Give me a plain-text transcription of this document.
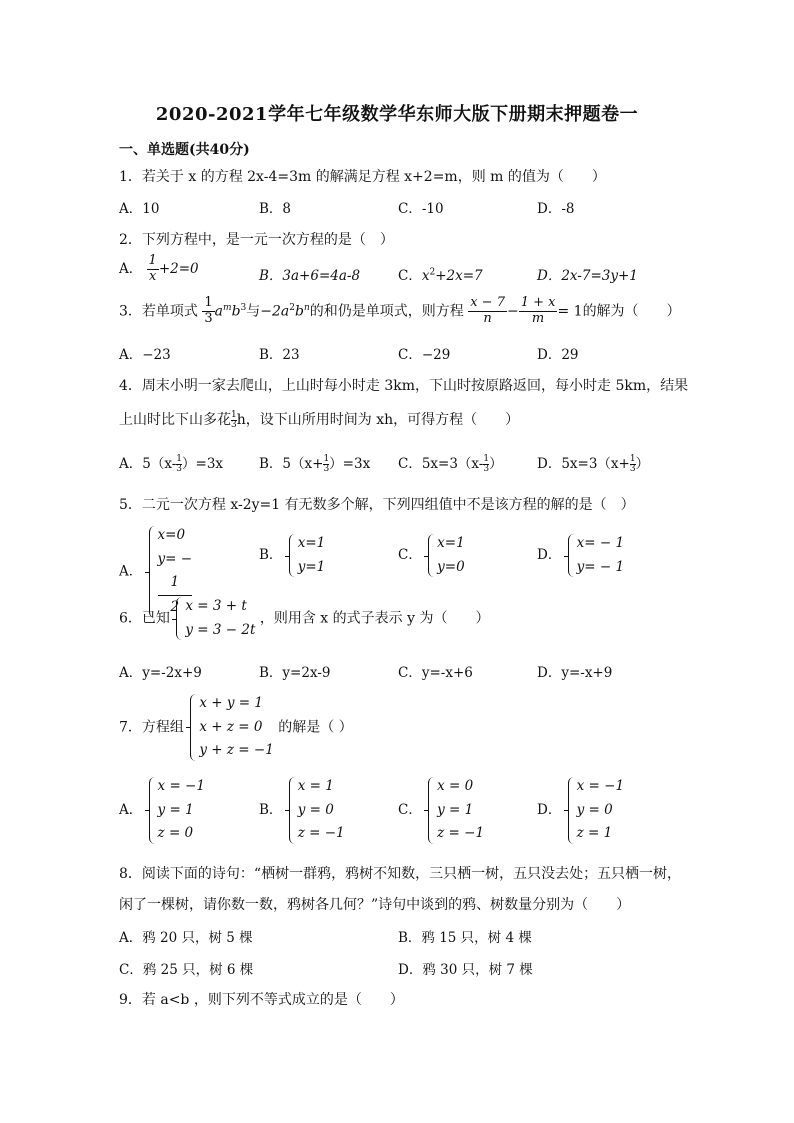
2020-2021学年七年级数学华东师大版下册期末押题卷一
一、单选题(共40分)
1．若关于 x 的方程 2x-4=3m 的解满足方程 x+2=m，则 m 的值为（　　）
A．10	B．8	C．-10	D．-8
2．下列方程中，是一元一次方程的是（　）
A． $\frac{1}{x} +2=0$	B．3a+6=4a-8	C．$x^2+2x=7$	D．2x-7=3y+1
3．若单项式 $\frac{1}{3} a^mb^3$与$-2a^2b^n$的和仍是单项式，则方程 $\frac{x - 7}{n} - \frac{1 + x}{m} = 1$的解为（　　）
A．−23	B．23	C．−29	D．29
4．周末小明一家去爬山，上山时每小时走 3km，下山时按原路返回，每小时走 5km，结果
上山时比下山多花 $\frac{1}{3}$ h，设下山所用时间为 xh，可得方程（　　）
A．$5(x- \frac{1}{3} )=3x$	B．$5(x+ \frac{1}{3} )=3x$ C．$5x=3(x- \frac{1}{3}$ ）	D．$5x=3(x+ \frac{1}{3}$ ）
5．二元一次方程 x-2y=1 有无数多个解，下列四组值中不是该方程的解的是（　）
A．
x=0
y= −
1
2
B．
x=1
y=1
C．
x=1
y=0
D．
x= − 1
y= − 1
6．已知
x = 3 + t
y = 3 − 2t
，则用含 x 的式子表示 y 为（　　）
A．y=-2x+9	B．y=2x-9	C．y=-x+6	D．y=-x+9
7．方程组
x + y = 1
x + z = 0
y + z = −1
的解是（ ）
A．
x = −1
y = 1
z = 0
B．
x = 1
y = 0
z = −1
C．
x = 0
y = 1
z = −1
D．
x = −1
y = 0
z = 1
8．阅读下面的诗句：“栖树一群鸦，鸦树不知数，三只栖一树，五只没去处；五只栖一树，
闲了一棵树，请你数一数，鸦树各几何？”诗句中谈到的鸦、树数量分别为（　　）
A．鸦 20 只，树 5 棵	B．鸦 15 只，树 4 棵
C．鸦 25 只，树 6 棵	D．鸦 30 只，树 7 棵
9．若 a<b ，则下列不等式成立的是（　　）
